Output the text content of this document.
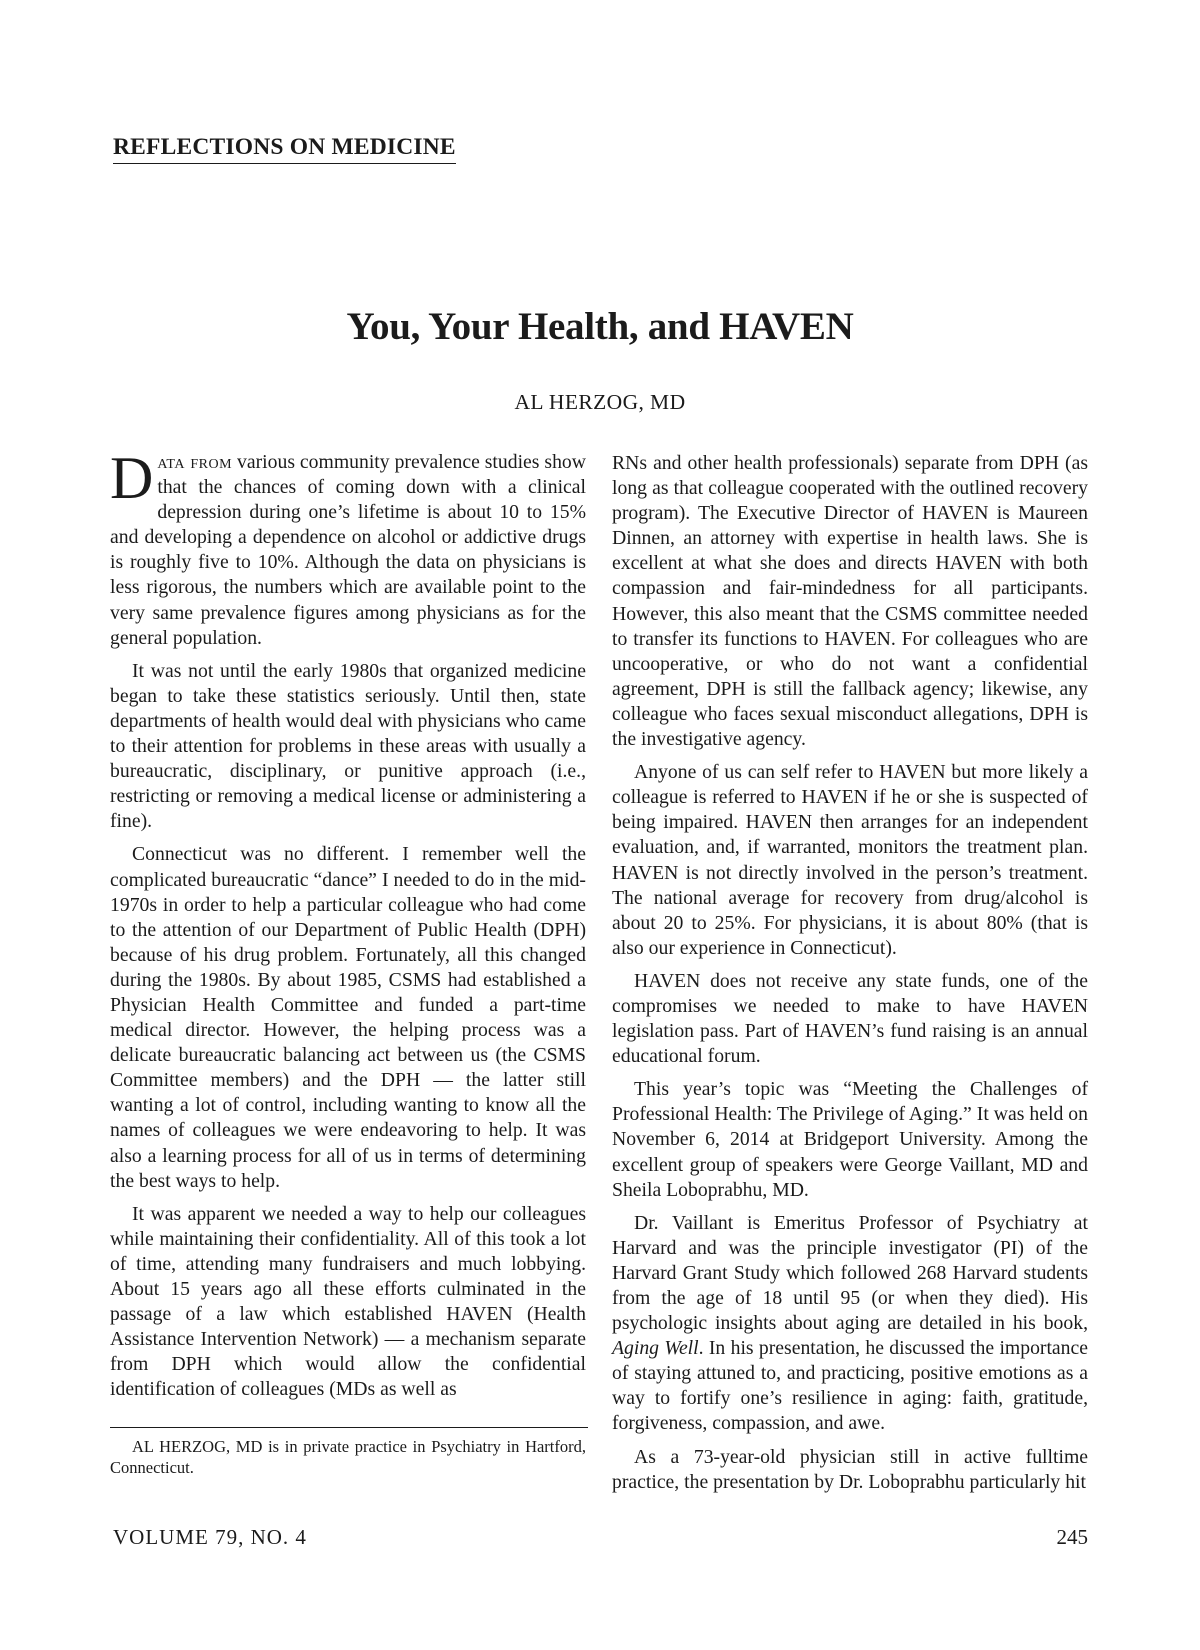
REFLECTIONS ON MEDICINE
You, Your Health, and HAVEN
AL HERZOG, MD

Data from various community prevalence studies show that the chances of coming down with a clinical depression during one’s lifetime is about 10 to 15% and developing a dependence on alcohol or addictive drugs is roughly five to 10%. Although the data on physicians is less rigorous, the numbers which are available point to the very same prevalence figures among physicians as for the general population.

It was not until the early 1980s that organized medicine began to take these statistics seriously. Until then, state departments of health would deal with physicians who came to their attention for problems in these areas with usually a bureaucratic, disciplinary, or punitive approach (i.e., restricting or removing a medical license or administering a fine).

Connecticut was no different. I remember well the complicated bureaucratic “dance” I needed to do in the mid-1970s in order to help a particular colleague who had come to the attention of our Department of Public Health (DPH) because of his drug problem. Fortunately, all this changed during the 1980s. By about 1985, CSMS had established a Physician Health Committee and funded a part-time medical director. However, the helping process was a delicate bureaucratic balancing act between us (the CSMS Committee members) and the DPH — the latter still wanting a lot of control, including wanting to know all the names of colleagues we were endeavoring to help. It was also a learning process for all of us in terms of determining the best ways to help.

It was apparent we needed a way to help our colleagues while maintaining their confidentiality. All of this took a lot of time, attending many fundraisers and much lobbying. About 15 years ago all these efforts culminated in the passage of a law which established HAVEN (Health Assistance Intervention Network) — a mechanism separate from DPH which would allow the confidential identification of colleagues (MDs as well as

RNs and other health professionals) separate from DPH (as long as that colleague cooperated with the outlined recovery program). The Executive Director of HAVEN is Maureen Dinnen, an attorney with expertise in health laws. She is excellent at what she does and directs HAVEN with both compassion and fair-mindedness for all participants. However, this also meant that the CSMS committee needed to transfer its functions to HAVEN. For colleagues who are uncooperative, or who do not want a confidential agreement, DPH is still the fallback agency; likewise, any colleague who faces sexual misconduct allegations, DPH is the investigative agency.

Anyone of us can self refer to HAVEN but more likely a colleague is referred to HAVEN if he or she is suspected of being impaired. HAVEN then arranges for an independent evaluation, and, if warranted, monitors the treatment plan. HAVEN is not directly involved in the person’s treatment. The national average for recovery from drug/alcohol is about 20 to 25%. For physicians, it is about 80% (that is also our experience in Connecticut).

HAVEN does not receive any state funds, one of the compromises we needed to make to have HAVEN legislation pass. Part of HAVEN’s fund raising is an annual educational forum.

This year’s topic was “Meeting the Challenges of Professional Health: The Privilege of Aging.” It was held on November 6, 2014 at Bridgeport University. Among the excellent group of speakers were George Vaillant, MD and Sheila Loboprabhu, MD.

Dr. Vaillant is Emeritus Professor of Psychiatry at Harvard and was the principle investigator (PI) of the Harvard Grant Study which followed 268 Harvard students from the age of 18 until 95 (or when they died). His psychologic insights about aging are detailed in his book, Aging Well. In his presentation, he discussed the importance of staying attuned to, and practicing, positive emotions as a way to fortify one’s resilience in aging: faith, gratitude, forgiveness, compassion, and awe.

As a 73-year-old physician still in active fulltime practice, the presentation by Dr. Loboprabhu particularly hit

AL HERZOG, MD is in private practice in Psychiatry in Hartford, Connecticut.
VOLUME 79, NO. 4	245
